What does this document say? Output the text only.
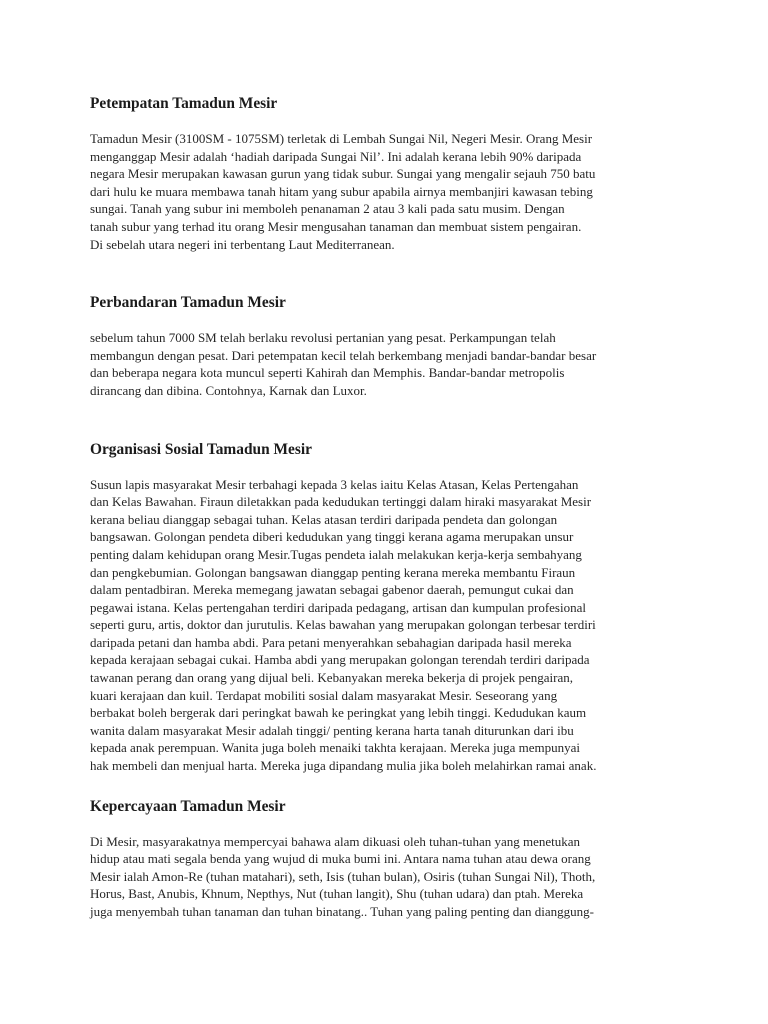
Petempatan Tamadun Mesir

Tamadun Mesir (3100SM - 1075SM) terletak di Lembah Sungai Nil, Negeri Mesir. Orang Mesir
menganggap Mesir adalah ‘hadiah daripada Sungai Nil’. Ini adalah kerana lebih 90% daripada
negara Mesir merupakan kawasan gurun yang tidak subur. Sungai yang mengalir sejauh 750 batu
dari hulu ke muara membawa tanah hitam yang subur apabila airnya membanjiri kawasan tebing
sungai. Tanah yang subur ini memboleh penanaman 2 atau 3 kali pada satu musim. Dengan
tanah subur yang terhad itu orang Mesir mengusahan tanaman dan membuat sistem pengairan.
Di sebelah utara negeri ini terbentang Laut Mediterranean.

Perbandaran Tamadun Mesir

sebelum tahun 7000 SM telah berlaku revolusi pertanian yang pesat. Perkampungan telah
membangun dengan pesat. Dari petempatan kecil telah berkembang menjadi bandar-bandar besar
dan beberapa negara kota muncul seperti Kahirah dan Memphis. Bandar-bandar metropolis
dirancang dan dibina. Contohnya, Karnak dan Luxor.

Organisasi Sosial Tamadun Mesir

Susun lapis masyarakat Mesir terbahagi kepada 3 kelas iaitu Kelas Atasan, Kelas Pertengahan
dan Kelas Bawahan. Firaun diletakkan pada kedudukan tertinggi dalam hiraki masyarakat Mesir
kerana beliau dianggap sebagai tuhan. Kelas atasan terdiri daripada pendeta dan golongan
bangsawan. Golongan pendeta diberi kedudukan yang tinggi kerana agama merupakan unsur
penting dalam kehidupan orang Mesir.Tugas pendeta ialah melakukan kerja-kerja sembahyang
dan pengkebumian. Golongan bangsawan dianggap penting kerana mereka membantu Firaun
dalam pentadbiran. Mereka memegang jawatan sebagai gabenor daerah, pemungut cukai dan
pegawai istana. Kelas pertengahan terdiri daripada pedagang, artisan dan kumpulan profesional
seperti guru, artis, doktor dan jurutulis. Kelas bawahan yang merupakan golongan terbesar terdiri
daripada petani dan hamba abdi. Para petani menyerahkan sebahagian daripada hasil mereka
kepada kerajaan sebagai cukai. Hamba abdi yang merupakan golongan terendah terdiri daripada
tawanan perang dan orang yang dijual beli. Kebanyakan mereka bekerja di projek pengairan,
kuari kerajaan dan kuil. Terdapat mobiliti sosial dalam masyarakat Mesir. Seseorang yang
berbakat boleh bergerak dari peringkat bawah ke peringkat yang lebih tinggi. Kedudukan kaum
wanita dalam masyarakat Mesir adalah tinggi/ penting kerana harta tanah diturunkan dari ibu
kepada anak perempuan. Wanita juga boleh menaiki takhta kerajaan. Mereka juga mempunyai
hak membeli dan menjual harta. Mereka juga dipandang mulia jika boleh melahirkan ramai anak.

Kepercayaan Tamadun Mesir

Di Mesir, masyarakatnya mempercyai bahawa alam dikuasi oleh tuhan-tuhan yang menetukan
hidup atau mati segala benda yang wujud di muka bumi ini. Antara nama tuhan atau dewa orang
Mesir ialah Amon-Re (tuhan matahari), seth, Isis (tuhan bulan), Osiris (tuhan Sungai Nil), Thoth,
Horus, Bast, Anubis, Khnum, Nepthys, Nut (tuhan langit), Shu (tuhan udara) dan ptah. Mereka
juga menyembah tuhan tanaman dan tuhan binatang.. Tuhan yang paling penting dan dianggung-
